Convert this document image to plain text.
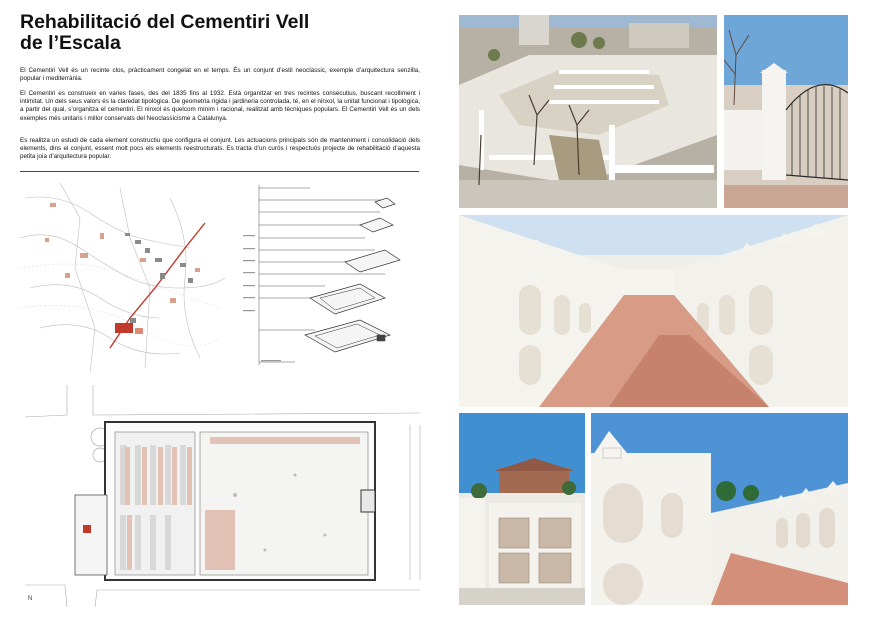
Rehabilitació del Cementiri Vell
de l’Escala

El Cementiri Vell és un recinte clos, pràcticament congelat en el temps. És un conjunt d’estil neoclàssic, exemple d’arquitectura senzilla, popular i mediterrània.

El Cementiri es construeix en varies fases, des del 1835 fins al 1932. Està organitzat en tres recintes consecutius, buscant recolliment i intimitat. Un dels seus valors és la claredat tipològica. De geometria rígida i jardineria controlada, té, en el ninxol, la unitat funcional i tipològica, a partir del qual, s’organitza el cementiri. El ninxol és quelcom mínim i racional, realitzat amb tècniques populars. El Cementiri Vell és un dels exemples més unitaris i millor conservats del Neoclassicisme a Catalunya.

Es realitza un estudi de cada element constructiu que configura el conjunt. Les actuacions principals són de manteniment i consolidació dels elements, dins el conjunt, essent molt pocs els elements reestructurats. Es tracta d’un curós i respectuós projecte de rehabilitació d’aquesta petita joia d’arquitectura popular.

N
